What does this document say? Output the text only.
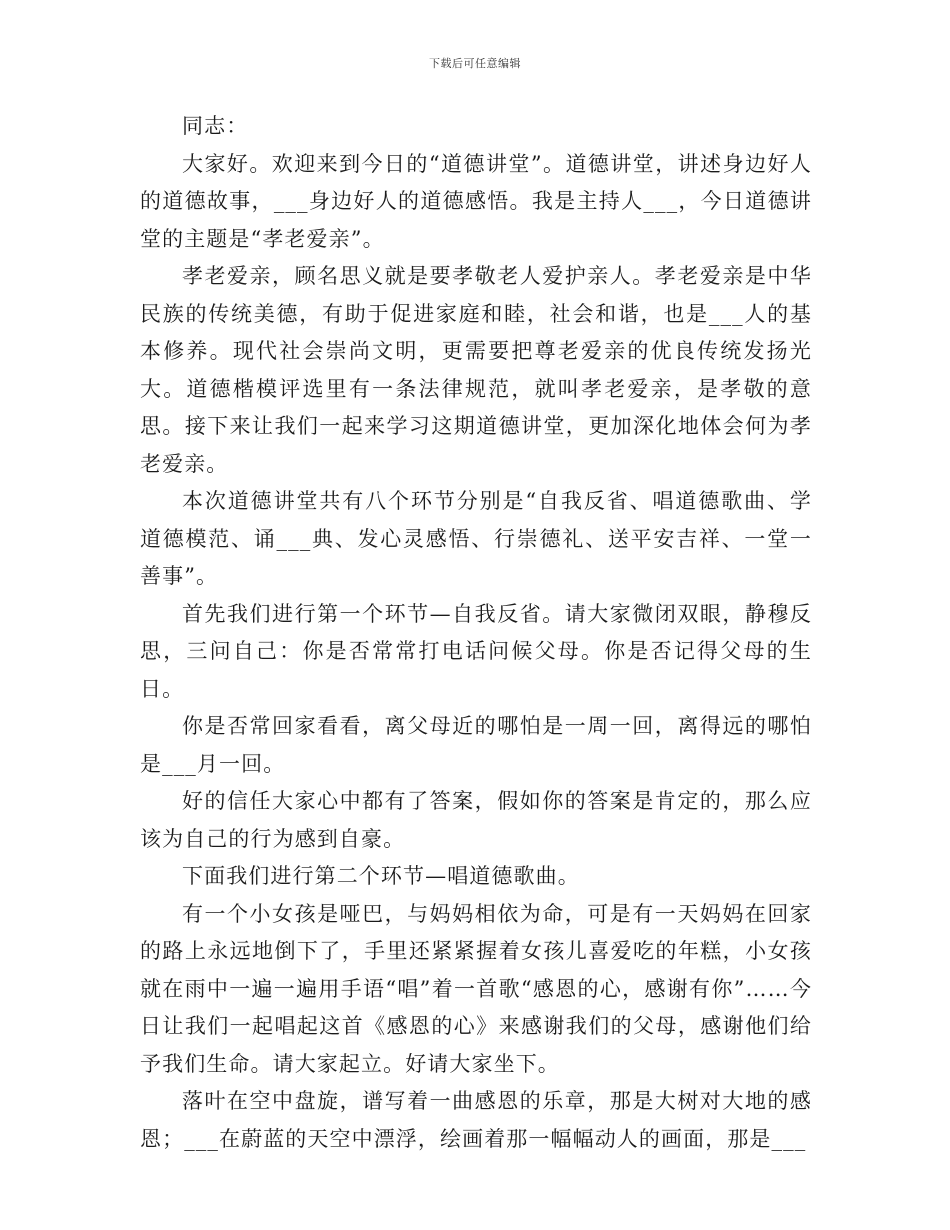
下载后可任意编辑

同志：

大家好。欢迎来到今日的“道德讲堂”。道德讲堂，讲述身边好人的道德故事，___身边好人的道德感悟。我是主持人___，今日道德讲堂的主题是“孝老爱亲”。

孝老爱亲，顾名思义就是要孝敬老人爱护亲人。孝老爱亲是中华民族的传统美德，有助于促进家庭和睦，社会和谐，也是___人的基本修养。现代社会崇尚文明，更需要把尊老爱亲的优良传统发扬光大。道德楷模评选里有一条法律规范，就叫孝老爱亲，是孝敬的意思。接下来让我们一起来学习这期道德讲堂，更加深化地体会何为孝老爱亲。

本次道德讲堂共有八个环节分别是“自我反省、唱道德歌曲、学道德模范、诵___典、发心灵感悟、行崇德礼、送平安吉祥、一堂一善事”。

首先我们进行第一个环节—自我反省。请大家微闭双眼，静穆反思，三问自己：你是否常常打电话问候父母。你是否记得父母的生日。

你是否常回家看看，离父母近的哪怕是一周一回，离得远的哪怕是___月一回。

好的信任大家心中都有了答案，假如你的答案是肯定的，那么应该为自己的行为感到自豪。

下面我们进行第二个环节—唱道德歌曲。

有一个小女孩是哑巴，与妈妈相依为命，可是有一天妈妈在回家的路上永远地倒下了，手里还紧紧握着女孩儿喜爱吃的年糕，小女孩就在雨中一遍一遍用手语“唱”着一首歌“感恩的心，感谢有你”……今日让我们一起唱起这首《感恩的心》来感谢我们的父母，感谢他们给予我们生命。请大家起立。好请大家坐下。

落叶在空中盘旋，谱写着一曲感恩的乐章，那是大树对大地的感恩；___在蔚蓝的天空中漂浮，绘画着那一幅幅动人的画面，那是___
